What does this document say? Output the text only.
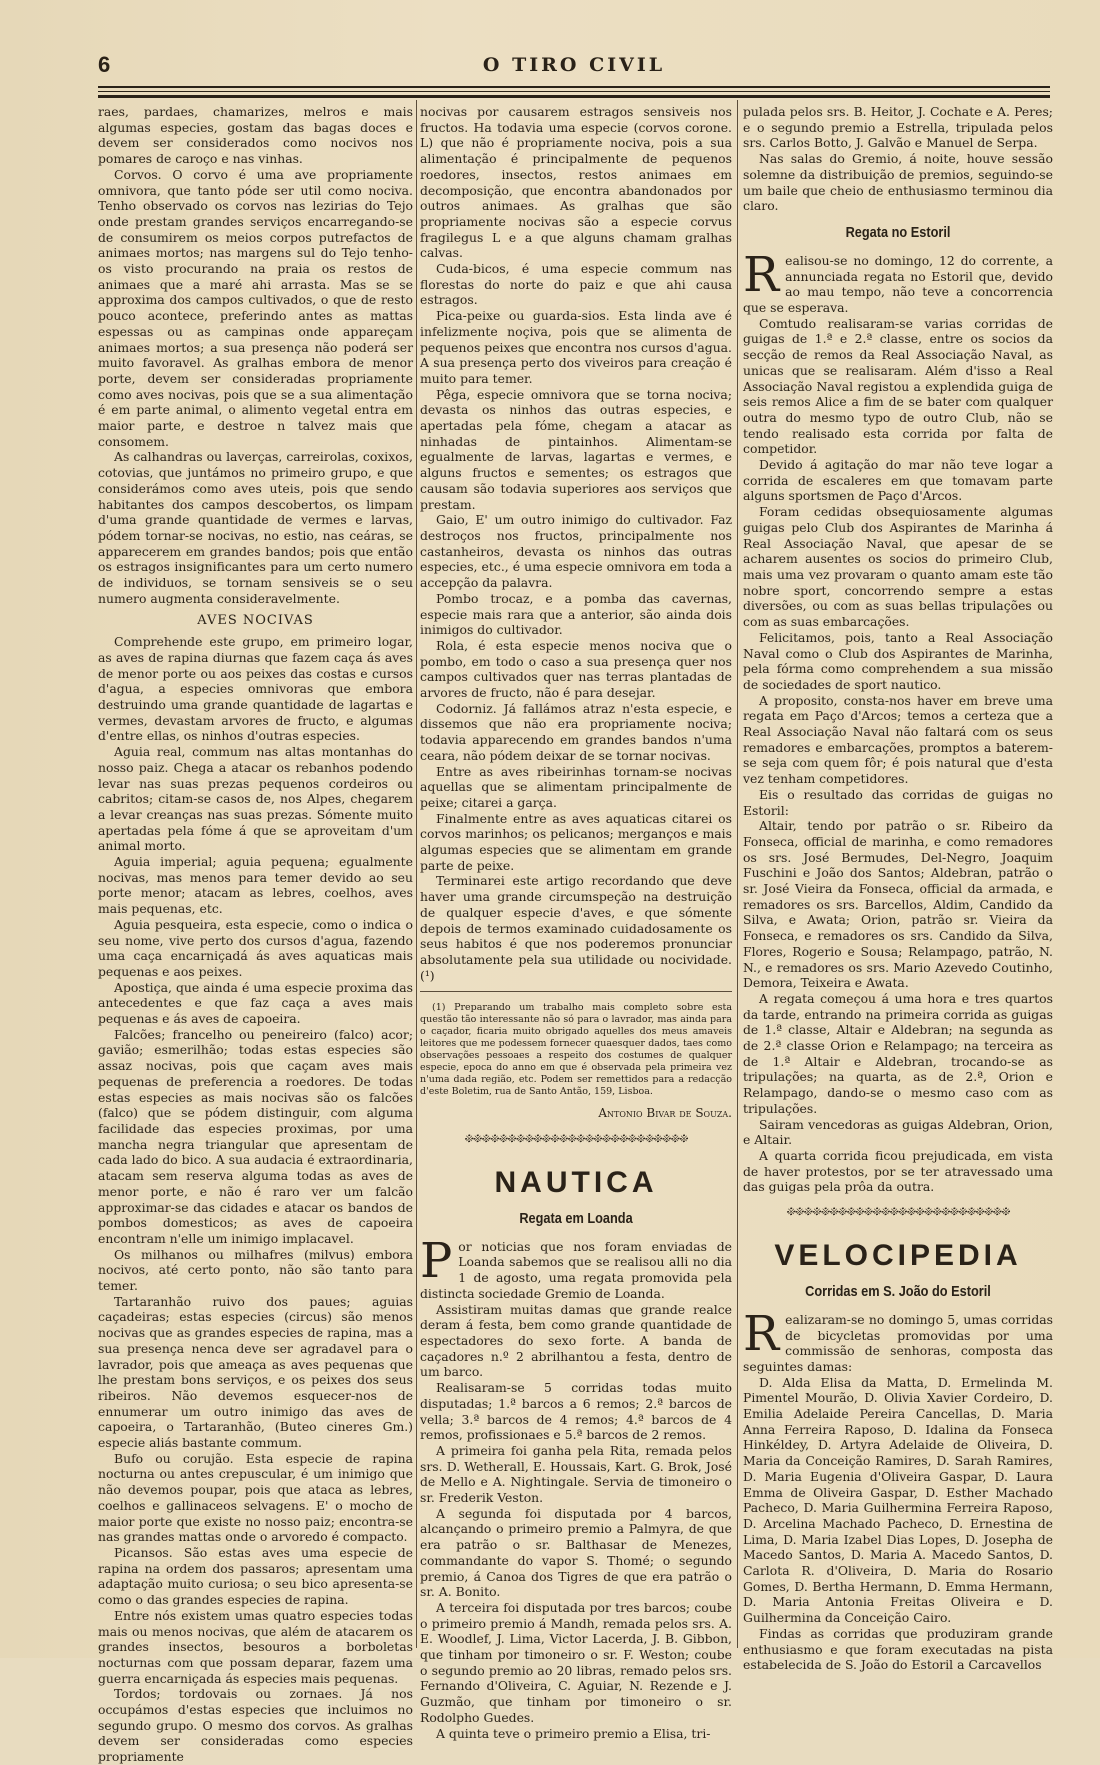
6	O TIRO CIVIL

raes, pardaes, chamarizes, melros e mais algumas especies, gostam das bagas doces e devem ser considerados como nocivos nos pomares de caroço e nas vinhas.

Corvos. O corvo é uma ave propriamente omnivora, que tanto póde ser util como nociva. Tenho observado os corvos nas lezirias do Tejo onde prestam grandes serviços encarregando-se de consumirem os meios corpos putrefactos de animaes mortos; nas margens sul do Tejo tenho-os visto procurando na praia os restos de animaes que a maré ahi arrasta. Mas se se approxima dos campos cultivados, o que de resto pouco acontece, preferindo antes as mattas espessas ou as campinas onde appareçam animaes mortos; a sua presença não poderá ser muito favoravel. As gralhas embora de menor porte, devem ser consideradas propriamente como aves nocivas, pois que se a sua alimentação é em parte animal, o alimento vegetal entra em maior parte, e destroe n talvez mais que consomem.

As calhandras ou laverças, carreirolas, coxixos, cotovias, que juntámos no primeiro grupo, e que considerámos como aves uteis, pois que sendo habitantes dos campos descobertos, os limpam d'uma grande quantidade de vermes e larvas, pódem tornar-se nocivas, no estio, nas ceáras, se apparecerem em grandes bandos; pois que então os estragos insignificantes para um certo numero de individuos, se tornam sensiveis se o seu numero augmenta consideravelmente.

AVES NOCIVAS

Comprehende este grupo, em primeiro logar, as aves de rapina diurnas que fazem caça ás aves de menor porte ou aos peixes das costas e cursos d'agua, a especies omnivoras que embora destruindo uma grande quantidade de lagartas e vermes, devastam arvores de fructo, e algumas d'entre ellas, os ninhos d'outras especies.

Aguia real, commum nas altas montanhas do nosso paiz. Chega a atacar os rebanhos podendo levar nas suas prezas pequenos cordeiros ou cabritos; citam-se casos de, nos Alpes, chegarem a levar creanças nas suas prezas. Sómente muito apertadas pela fóme á que se aproveitam d'um animal morto.

Aguia imperial; aguia pequena; egualmente nocivas, mas menos para temer devido ao seu porte menor; atacam as lebres, coelhos, aves mais pequenas, etc.

Aguia pesqueira, esta especie, como o indica o seu nome, vive perto dos cursos d'agua, fazendo uma caça encarniçadá ás aves aquaticas mais pequenas e aos peixes.

Apostiça, que ainda é uma especie proxima das antecedentes e que faz caça a aves mais pequenas e ás aves de capoeira.

Falcões; francelho ou peneireiro (falco) acor; gavião; esmerilhão; todas estas especies são assaz nocivas, pois que caçam aves mais pequenas de preferencia a roedores. De todas estas especies as mais nocivas são os falcões (falco) que se pódem distinguir, com alguma facilidade das especies proximas, por uma mancha negra triangular que apresentam de cada lado do bico. A sua audacia é extraordinaria, atacam sem reserva alguma todas as aves de menor porte, e não é raro ver um falcão approximar-se das cidades e atacar os bandos de pombos domesticos; as aves de capoeira encontram n'elle um inimigo implacavel.

Os milhanos ou milhafres (milvus) embora nocivos, até certo ponto, não são tanto para temer.

Tartaranhão ruivo dos paues; aguias caçadeiras; estas especies (circus) são menos nocivas que as grandes especies de rapina, mas a sua presença nenca deve ser agradavel para o lavrador, pois que ameaça as aves pequenas que lhe prestam bons serviços, e os peixes dos seus ribeiros. Não devemos esquecer-nos de ennumerar um outro inimigo das aves de capoeira, o Tartaranhão, (Buteo cineres Gm.) especie aliás bastante commum.

Bufo ou corujão. Esta especie de rapina nocturna ou antes crepuscular, é um inimigo que não devemos poupar, pois que ataca as lebres, coelhos e gallinaceos selvagens. E' o mocho de maior porte que existe no nosso paiz; encontra-se nas grandes mattas onde o arvoredo é compacto.

Picansos. São estas aves uma especie de rapina na ordem dos passaros; apresentam uma adaptação muito curiosa; o seu bico apresenta-se como o das grandes especies de rapina.

Entre nós existem umas quatro especies todas mais ou menos nocivas, que além de atacarem os grandes insectos, besouros a borboletas nocturnas com que possam deparar, fazem uma guerra encarniçada ás especies mais pequenas.

Tordos; tordovais ou zornaes. Já nos occupámos d'estas especies que incluimos no segundo grupo. O mesmo dos corvos. As gralhas devem ser consideradas como especies propriamente

nocivas por causarem estragos sensiveis nos fructos. Ha todavia uma especie (corvos corone. L) que não é propriamente nociva, pois a sua alimentação é principalmente de pequenos roedores, insectos, restos animaes em decomposição, que encontra abandonados por outros animaes. As gralhas que são propriamente nocivas são a especie corvus fragilegus L e a que alguns chamam gralhas calvas.

Cuda-bicos, é uma especie commum nas florestas do norte do paiz e que ahi causa estragos.

Pica-peixe ou guarda-sios. Esta linda ave é infelizmente noçiva, pois que se alimenta de pequenos peixes que encontra nos cursos d'agua. A sua presença perto dos viveiros para creação é muito para temer.

Pêga, especie omnivora que se torna nociva; devasta os ninhos das outras especies, e apertadas pela fóme, chegam a atacar as ninhadas de pintainhos. Alimentam-se egualmente de larvas, lagartas e vermes, e alguns fructos e sementes; os estragos que causam são todavia superiores aos serviços que prestam.

Gaio, E' um outro inimigo do cultivador. Faz destroços nos fructos, principalmente nos castanheiros, devasta os ninhos das outras especies, etc., é uma especie omnivora em toda a accepção da palavra.

Pombo trocaz, e a pomba das cavernas, especie mais rara que a anterior, são ainda dois inimigos do cultivador.

Rola, é esta especie menos nociva que o pombo, em todo o caso a sua presença quer nos campos cultivados quer nas terras plantadas de arvores de fructo, não é para desejar.

Codorniz. Já fallámos atraz n'esta especie, e dissemos que não era propriamente nociva; todavia apparecendo em grandes bandos n'uma ceara, não pódem deixar de se tornar nocivas.

Entre as aves ribeirinhas tornam-se nocivas aquellas que se alimentam principalmente de peixe; citarei a garça.

Finalmente entre as aves aquaticas citarei os corvos marinhos; os pelicanos; merganços e mais algumas especies que se alimentam em grande parte de peixe.

Terminarei este artigo recordando que deve haver uma grande circumspeção na destruição de qualquer especie d'aves, e que sómente depois de termos examinado cuidadosamente os seus habitos é que nos poderemos pronunciar absolutamente pela sua utilidade ou nocividade. (¹)

(1) Preparando um trabalho mais completo sobre esta questão tão interessante não só para o lavrador, mas ainda para o caçador, ficaria muito obrigado aquelles dos meus amaveis leitores que me podessem fornecer quaesquer dados, taes como observações pessoaes a respeito dos costumes de qualquer especie, epoca do anno em que é observada pela primeira vez n'uma dada região, etc. Podem ser remettidos para a redacção d'este Boletim, rua de Santo Antão, 159, Lisboa.

Antonio Bivar de Souza.
፠፠፠፠፠፠፠፠፠፠፠፠፠፠፠፠፠፠፠፠፠፠፠፠፠፠
NAUTICA
Regata em Loanda

Por noticias que nos foram enviadas de Loanda sabemos que se realisou alli no dia 1 de agosto, uma regata promovida pela distincta sociedade Gremio de Loanda.

Assistiram muitas damas que grande realce deram á festa, bem como grande quantidade de espectadores do sexo forte. A banda de caçadores n.º 2 abrilhantou a festa, dentro de um barco.

Realisaram-se 5 corridas todas muito disputadas; 1.ª barcos a 6 remos; 2.ª barcos de vella; 3.ª barcos de 4 remos; 4.ª barcos de 4 remos, profissionaes e 5.ª barcos de 2 remos.

A primeira foi ganha pela Rita, remada pelos srs. D. Wetherall, E. Houssais, Kart. G. Brok, José de Mello e A. Nightingale. Servia de timoneiro o sr. Frederik Veston.

A segunda foi disputada por 4 barcos, alcançando o primeiro premio a Palmyra, de que era patrão o sr. Balthasar de Menezes, commandante do vapor S. Thomé; o segundo premio, á Canoa dos Tigres de que era patrão o sr. A. Bonito.

A terceira foi disputada por tres barcos; coube o primeiro premio á Mandh, remada pelos srs. A. E. Woodlef, J. Lima, Victor Lacerda, J. B. Gibbon, que tinham por timoneiro o sr. F. Weston; coube o segundo premio ao 20 libras, remado pelos srs. Fernando d'Oliveira, C. Aguiar, N. Rezende e J. Guzmão, que tinham por timoneiro o sr. Rodolpho Guedes.

A quinta teve o primeiro premio a Elisa, tri-

pulada pelos srs. B. Heitor, J. Cochate e A. Peres; e o segundo premio a Estrella, tripulada pelos srs. Carlos Botto, J. Galvão e Manuel de Serpa.

Nas salas do Gremio, á noite, houve sessão solemne da distribuição de premios, seguindo-se um baile que cheio de enthusiasmo terminou dia claro.

Regata no Estoril

Realisou-se no domingo, 12 do corrente, a annunciada regata no Estoril que, devido ao mau tempo, não teve a concorrencia que se esperava.

Comtudo realisaram-se varias corridas de guigas de 1.ª e 2.ª classe, entre os socios da secção de remos da Real Associação Naval, as unicas que se realisaram. Além d'isso a Real Associação Naval registou a explendida guiga de seis remos Alice a fim de se bater com qualquer outra do mesmo typo de outro Club, não se tendo realisado esta corrida por falta de competidor.

Devido á agitação do mar não teve logar a corrida de escaleres em que tomavam parte alguns sportsmen de Paço d'Arcos.

Foram cedidas obsequiosamente algumas guigas pelo Club dos Aspirantes de Marinha á Real Associação Naval, que apesar de se acharem ausentes os socios do primeiro Club, mais uma vez provaram o quanto amam este tão nobre sport, concorrendo sempre a estas diversões, ou com as suas bellas tripulações ou com as suas embarcações.

Felicitamos, pois, tanto a Real Associação Naval como o Club dos Aspirantes de Marinha, pela fórma como comprehendem a sua missão de sociedades de sport nautico.

A proposito, consta-nos haver em breve uma regata em Paço d'Arcos; temos a certeza que a Real Associação Naval não faltará com os seus remadores e embarcações, promptos a baterem-se seja com quem fôr; é pois natural que d'esta vez tenham competidores.

Eis o resultado das corridas de guigas no Estoril:

Altair, tendo por patrão o sr. Ribeiro da Fonseca, official de marinha, e como remadores os srs. José Bermudes, Del-Negro, Joaquim Fuschini e João dos Santos; Aldebran, patrão o sr. José Vieira da Fonseca, official da armada, e remadores os srs. Barcellos, Aldim, Candido da Silva, e Awata; Orion, patrão sr. Vieira da Fonseca, e remadores os srs. Candido da Silva, Flores, Rogerio e Sousa; Relampago, patrão, N. N., e remadores os srs. Mario Azevedo Coutinho, Demora, Teixeira e Awata.

A regata começou á uma hora e tres quartos da tarde, entrando na primeira corrida as guigas de 1.ª classe, Altair e Aldebran; na segunda as de 2.ª classe Orion e Relampago; na terceira as de 1.ª Altair e Aldebran, trocando-se as tripulações; na quarta, as de 2.ª, Orion e Relampago, dando-se o mesmo caso com as tripulações.

Sairam vencedoras as guigas Aldebran, Orion, e Altair.

A quarta corrida ficou prejudicada, em vista de haver protestos, por se ter atravessado uma das guigas pela prôa da outra.

፠፠፠፠፠፠፠፠፠፠፠፠፠፠፠፠፠፠፠፠፠፠፠፠፠፠
VELOCIPEDIA
Corridas em S. João do Estoril

Realizaram-se no domingo 5, umas corridas de bicycletas promovidas por uma commissão de senhoras, composta das seguintes damas:

D. Alda Elisa da Matta, D. Ermelinda M. Pimentel Mourão, D. Olivia Xavier Cordeiro, D. Emilia Adelaide Pereira Cancellas, D. Maria Anna Ferreira Raposo, D. Idalina da Fonseca Hinkéldey, D. Artyra Adelaide de Oliveira, D. Maria da Conceição Ramires, D. Sarah Ramires, D. Maria Eugenia d'Oliveira Gaspar, D. Laura Emma de Oliveira Gaspar, D. Esther Machado Pacheco, D. Maria Guilhermina Ferreira Raposo, D. Arcelina Machado Pacheco, D. Ernestina de Lima, D. Maria Izabel Dias Lopes, D. Josepha de Macedo Santos, D. Maria A. Macedo Santos, D. Carlota R. d'Oliveira, D. Maria do Rosario Gomes, D. Bertha Hermann, D. Emma Hermann, D. Maria Antonia Freitas Oliveira e D. Guilhermina da Conceição Cairo.

Findas as corridas que produziram grande enthusiasmo e que foram executadas na pista estabelecida de S. João do Estoril a Carcavellos
